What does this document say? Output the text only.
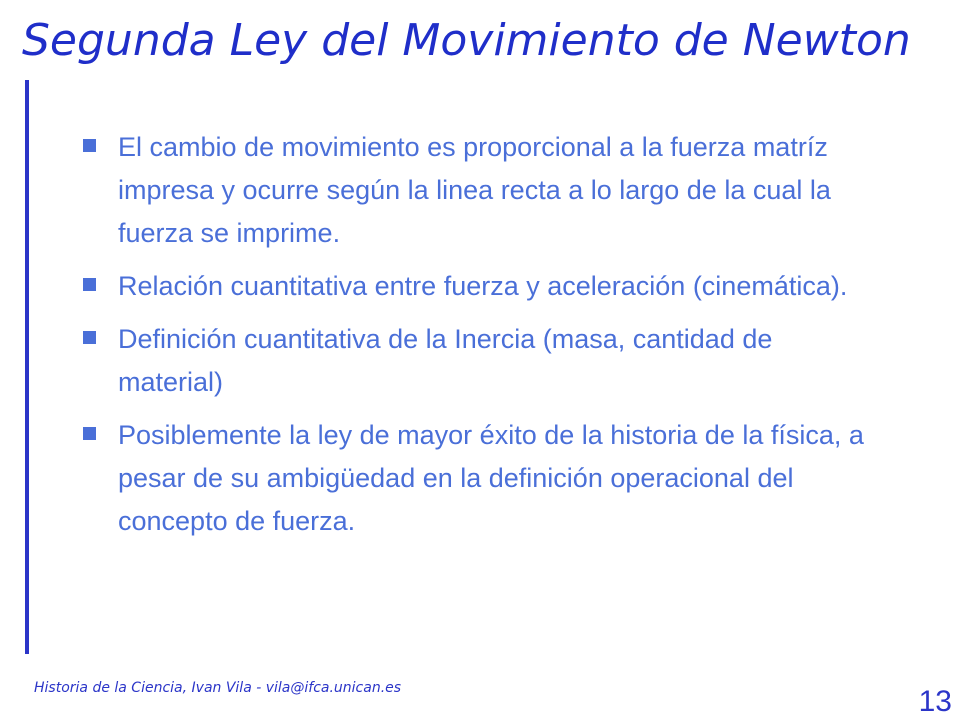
Segunda Ley del Movimiento de Newton
El cambio de movimiento es proporcional a la fuerza matríz impresa y ocurre según la linea recta a lo largo de la cual la fuerza se imprime.
Relación cuantitativa entre fuerza y aceleración (cinemática).
Definición cuantitativa de la Inercia (masa, cantidad de material)
Posiblemente la ley de mayor éxito de la historia de la física, a pesar de su ambigüedad en la definición operacional del concepto de fuerza.
Historia de la Ciencia, Ivan Vila - vila@ifca.unican.es	13
